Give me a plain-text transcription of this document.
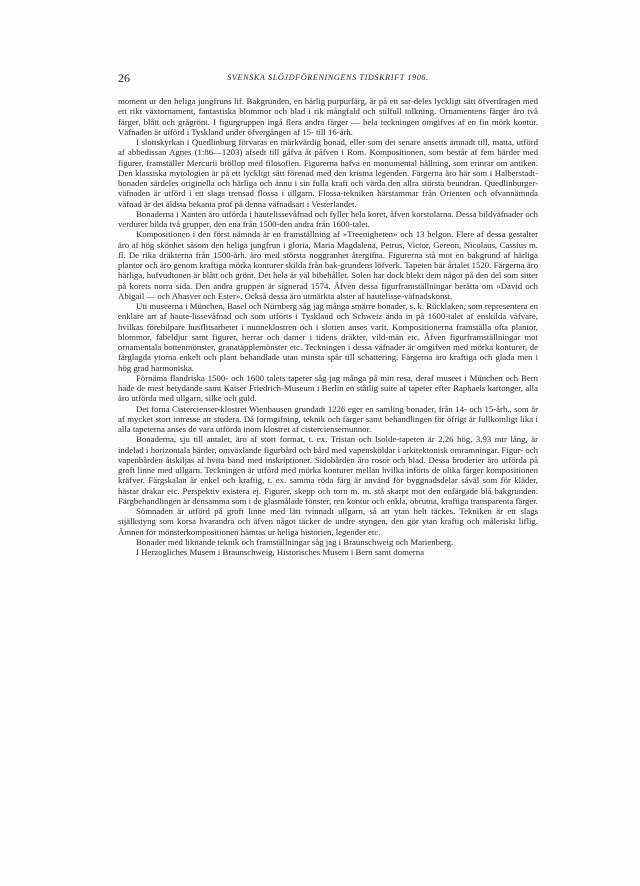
26	SVENSKA SLÖJDFÖRENINGENS TIDSKRIFT 1906.

moment ur den heliga jungfruns lif. Bakgrunden, en härlig purpurfärg, är på ett sar-deles lyckligt sätt öfverdragen med ett rikt växtornament, fantastiska blommor och blad i rik mångfald och stilfull tolkning. Ornamentens färger äro två färger, blått och grågrönt. I figurgruppen ingå flera andra färger — hela teckningen omgifves af en fin mörk kontur. Väfnaden är utförd i Tyskland under öfvergången af 15- till 16-årh.

I slottskyrkan i Quedlinburg förvaras en märkvärdig bonad, eller som det senare ansetts ämnadt till, matta, utförd af abbedissan Agnes (1:86—1203) afsedt till gåfva åt påfven i Rom. Kompositionen, som består af fem bärder med figurer, framställer Mercurii bröllop med filosofien. Figurerna hafva en monumental hållning, som erinrar om antiken. Den klassiska mytologien är på ett lyckligt sätt förenad med den kristna legenden. Färgerna äro här som i Halberstadt-bonaden särdeles originella och härliga och ännu i sin fulla kraft och värda den allra största beundran. Quedlinburger-väfnaden är utförd i ett slags trensad flossa i ullgarn. Flossa-tekniken härstammar från Orienten och ofvannämnda väfnad är det äldsta bekanta prof på denna väfnadsart i Vesterlandet.

Bonaderna i Xanten äro utförda i hautelissevåfnad och fyller hela koret, åfven korstolarna. Dessa bildväfnader och verdurer bilda två grupper, den ena från 1500-den andra från 1600-talet.

Kompositionen i den först nämnda är en framställning af »Treenigheten» och 13 helgon. Flere af dessa gestalter äro af hög skönhet såsom den heliga jungfrun i gloria, Maria Magdalena, Petrus, Victor, Gereon, Nicolaus, Cassius m. fl. De rika dräkterna från 1500-årh. äro med största noggranhet återgifna. Figurerna stå mot en bakgrund af härliga plantor och äro genom kraftiga mörka konturer skilda från bak-grundens löfverk. Tapeten bär årtalet 1520. Färgerna äro härliga, hufvudtonen är blått och grönt. Det hela är väl bibehållet. Solen har dock blekt dem något på den del som sitter på korets norra sida. Den andra gruppen är signerad 1574. Äfven dessa figurframställningar berätta om »David och Abigail — och Ahasver och Ester». Också dessa äro utmärkta alster af hautelisse-väfnadskonst.

Uti museerna i München, Basel och Nürnberg såg jag många smärre bonader, s. k. Rücklaken, som representera en enklare art af haute-lissevåfnad och som utförts i Tyskland och Schweiz ända in på 1600-talet af enskilda väfvare, hvilkas förebilpare husflitsarbetet i nunneklostren och i slotten anses varit. Kompositionerna framställa ofta plantor, blommor, fabeldjur samt figurer, herrar och damer i tidens dräkter, vild-män etc. Äfven figurframställningar mot ornamentala bottenmönster, granatäpplemönster etc. Teckningen i dessa väfnader är omgifven med mörka konturer, de färglagda ytorna enkelt och plant behandlade utan minsta spår till schattering. Färgerna äro kraftiga och glada men i hög grad harmoniska.

Förnäma flandriska 1500- och 1600 talets tapeter såg jag många på min resa, deraf museet i München och Bern hade de mest betydande samt Kaiser Friedrich-Museum i Berlin en ståtlig suite af tapeter efter Raphaels kartonger, alla äro utförda med ullgarn, silke och guld.

Det forna Cistercienser-klostret Wienhausen grundadt 1226 eger en samling bonader, från 14- och 15-årh., som är af mycket stort intresse att studera. Då formgifning, teknik och färger samt behandlingen för öfrigt är fullkomligt lika i alla tapeterna anses de vara utförda inom klostret af cisterciensernunnor.

Bonaderna, sju till antalet, äro af stort format, t. ex. Tristan och Isolde-tapeten är 2,26 hög, 3,93 mtr lång, är indelad i horizontala bärder, omväxlande figurbård och bård med vapensköldar i arkitektonisk omramningar. Figur- och vapenbården åtskiljas af hvita band med inskriptioner. Sidobården äro rosor och blad. Dessa broderier äro utförda på groft linne med ullgarn. Teckningen är utförd med mörka konturer mellan hvilka införts de olika färger kompositionen kräfver. Färgskalan är enkel och kraftig, t. ex. samma röda färg är använd för byggnadsdelar såväl som för kläder, hästar drakar etc. Perspektiv existera ej. Figurer, skepp och torn m. m. stå skarpt mot den enfärgade blå bakgrunden. Färgbehandlingen är densamma som i de glasmålade fönster, ren kontur och enkla, obrutna, kraftiga transparenta färger.

Sömnaden är utförd på groft linne med lätt tvinnadt ullgarn, så att ytan helt täckes. Tekniken är ett slags stjälkstyng som korsa hvarandra och äfven något täcker de undre styngen, den gör ytan kraftig och måleriskt liflig. Ämnen för mönsterkompositionen hämtas ur heliga historien, legender etc.

Bonader med liknande teknik och framställningar såg jag i Braunschweig och Marienberg.

I Herzogliches Musem i Braunschweig, Historisches Musem i Bern samt domerna
